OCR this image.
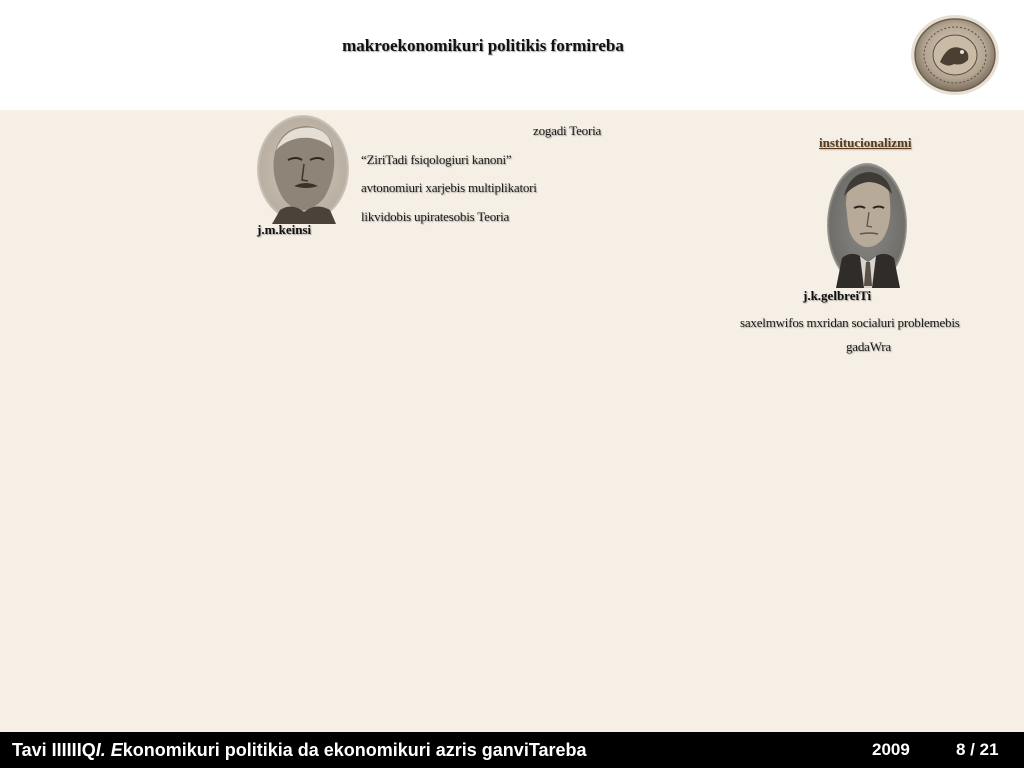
makroekonomikuri politikis formireba
j.m.keinsi
zogadi Teoria
“ZiriTadi fsiqologiuri kanoni”
avtonomiuri xarjebis multiplikatori
likvidobis upiratesobis Teoria
institucionalizmi
j.k.gelbreiTi
saxelmwifos mxridan socialuri problemebis
gadaWra
Tavi IIIIIIQI. Ekonomikuri politikia da ekonomikuri azris ganviTareba	2009	8 / 21
